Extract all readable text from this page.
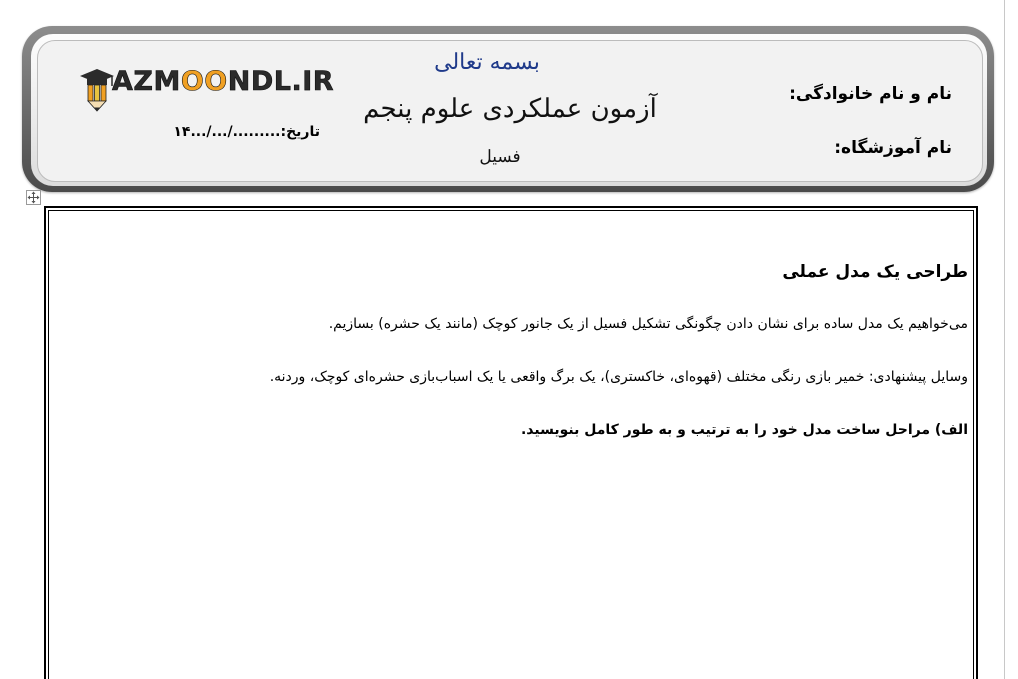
AZMOONDL.IR
تاریخ:........./.../...۱۴
بسمه تعالی
آزمون عملکردی علوم پنجم
فسیل
نام و نام خانوادگی:
نام آموزشگاه:
طراحی یک مدل عملی
می‌خواهیم یک مدل ساده برای نشان دادن چگونگی تشکیل فسیل از یک جانور کوچک (مانند یک حشره) بسازیم.
وسایل پیشنهادی: خمیر بازی رنگی مختلف (قهوه‌ای، خاکستری)، یک برگ واقعی یا یک اسباب‌بازی حشره‌ای کوچک، وردنه.
الف) مراحل ساخت مدل خود را به ترتیب و به طور کامل بنویسید.
